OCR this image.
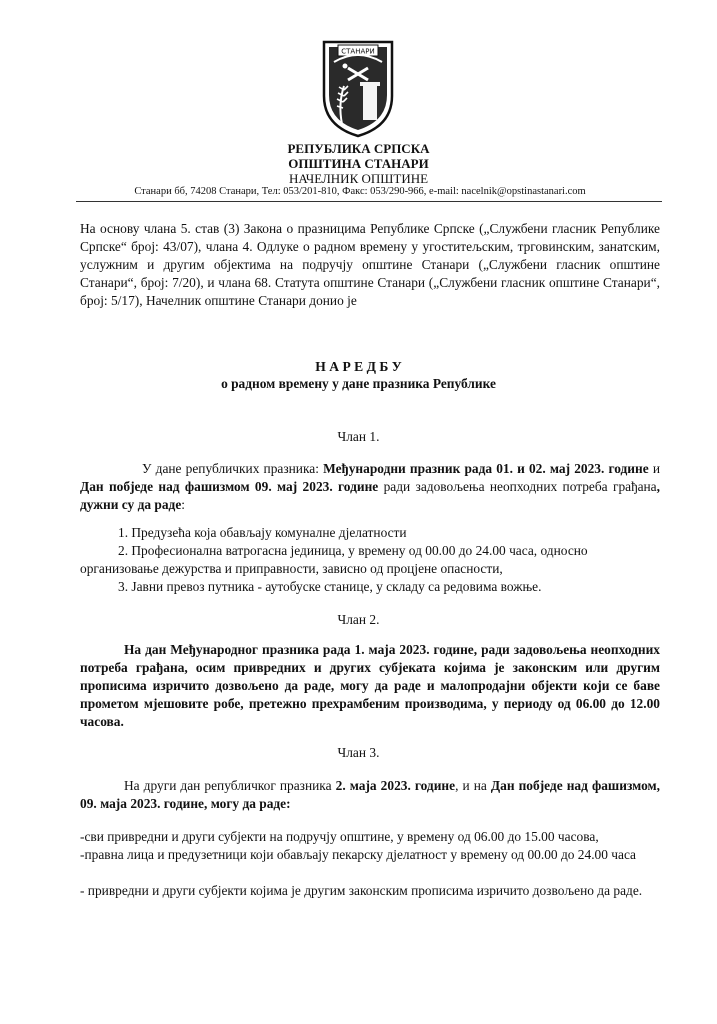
СТАНАРИ
РЕПУБЛИКА СРПСКА
ОПШТИНА СТАНАРИ
НАЧЕЛНИК ОПШТИНЕ
Станари бб, 74208 Станари, Тел: 053/201-810, Факс: 053/290-966, e-mail: nacelnik@opstinastanari.com
На основу члана 5. став (3) Закона о празницима Републике Српске („Службени гласник Републике Српске“ број: 43/07), члана 4. Одлуке о радном времену у угоститељским, трговинским, занатским, услужним и другим објектима на подручју општине Станари („Службени гласник општине Станари“, број: 7/20), и члана 68. Статута општине Станари („Службени гласник општине Станари“, број: 5/17), Начелник општине Станари донио је
Н А Р Е Д Б У
о радном времену у дане празника Републике
Члан 1.
У дане републичких празника: Међународни празник рада 01. и 02. мај 2023. године и Дан побједе над фашизмом 09. мај 2023. године ради задовољења неопходних потреба грађана, дужни су да раде:
1. Предузећа која обављају комуналне дјелатности
2. Професионална ватрогасна јединица, у времену од 00.00 до 24.00 часа, односно
организовање дежурства и приправности, зависно од процјене опасности,
3. Јавни превоз путника - аутобуске станице, у складу са редовима вожње.
Члан 2.
На дан Међународног празника рада 1. маја 2023. године, ради задовољења неопходних потреба грађана, осим привредних и других субјеката којима је законским или другим прописима изричито дозвољено да раде, могу да раде и малопродајни објекти који се баве прометом мјешовите робе, претежно прехрамбеним производима, у периоду од 06.00 до 12.00 часова.
Члан 3.
На други дан републичког празника 2. маја 2023. године, и на Дан побједе над фашизмом, 09. маја 2023. године, могу да раде:
-сви привредни и други субјекти на подручју општине, у времену од 06.00 до 15.00 часова,
-правна лица и предузетници који обављају пекарску дјелатност у времену од 00.00 до 24.00 часа
- привредни и други субјекти којима је другим законским прописима изричито дозвољено да раде.
